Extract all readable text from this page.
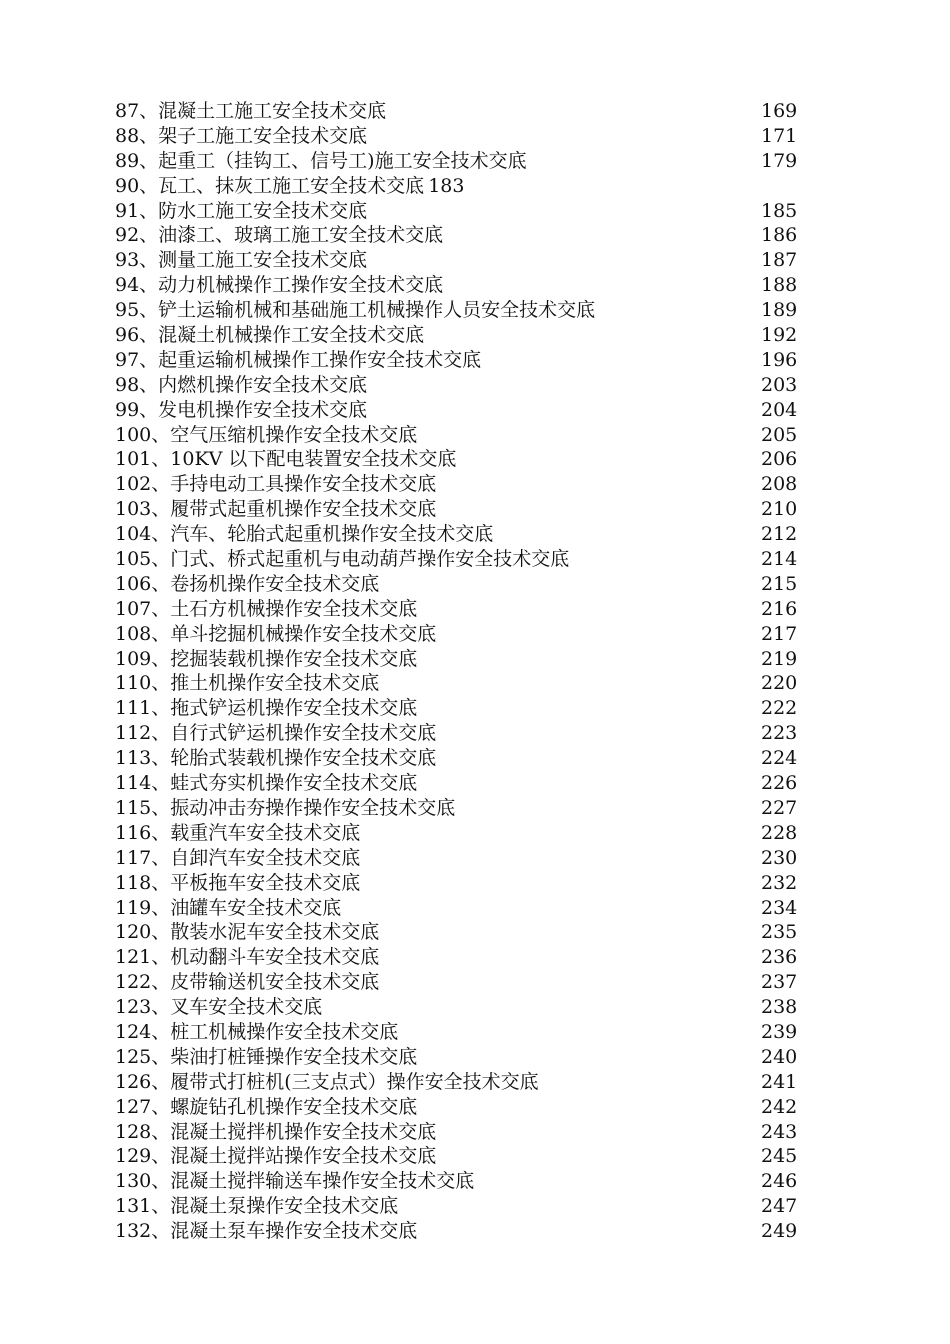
87、混凝土工施工安全技术交底	169
88、架子工施工安全技术交底	171
89、起重工（挂钩工、信号工)施工安全技术交底	179
90、瓦工、抹灰工施工安全技术交底 183
91、防水工施工安全技术交底	185
92、油漆工、玻璃工施工安全技术交底	186
93、测量工施工安全技术交底	187
94、动力机械操作工操作安全技术交底	188
95、铲土运输机械和基础施工机械操作人员安全技术交底	189
96、混凝土机械操作工安全技术交底	192
97、起重运输机械操作工操作安全技术交底	196
98、内燃机操作安全技术交底	203
99、发电机操作安全技术交底	204
100、空气压缩机操作安全技术交底	205
101、10KV 以下配电装置安全技术交底	206
102、手持电动工具操作安全技术交底	208
103、履带式起重机操作安全技术交底	210
104、汽车、轮胎式起重机操作安全技术交底	212
105、门式、桥式起重机与电动葫芦操作安全技术交底	214
106、卷扬机操作安全技术交底	215
107、土石方机械操作安全技术交底	216
108、单斗挖掘机械操作安全技术交底	217
109、挖掘装载机操作安全技术交底	219
110、推土机操作安全技术交底	220
111、拖式铲运机操作安全技术交底	222
112、自行式铲运机操作安全技术交底	223
113、轮胎式装载机操作安全技术交底	224
114、蛙式夯实机操作安全技术交底	226
115、振动冲击夯操作操作安全技术交底	227
116、载重汽车安全技术交底	228
117、自卸汽车安全技术交底	230
118、平板拖车安全技术交底	232
119、油罐车安全技术交底	234
120、散装水泥车安全技术交底	235
121、机动翻斗车安全技术交底	236
122、皮带输送机安全技术交底	237
123、叉车安全技术交底	238
124、桩工机械操作安全技术交底	239
125、柴油打桩锤操作安全技术交底	240
126、履带式打桩机(三支点式）操作安全技术交底	241
127、螺旋钻孔机操作安全技术交底	242
128、混凝土搅拌机操作安全技术交底	243
129、混凝土搅拌站操作安全技术交底	245
130、混凝土搅拌输送车操作安全技术交底	246
131、混凝土泵操作安全技术交底	247
132、混凝土泵车操作安全技术交底	249
